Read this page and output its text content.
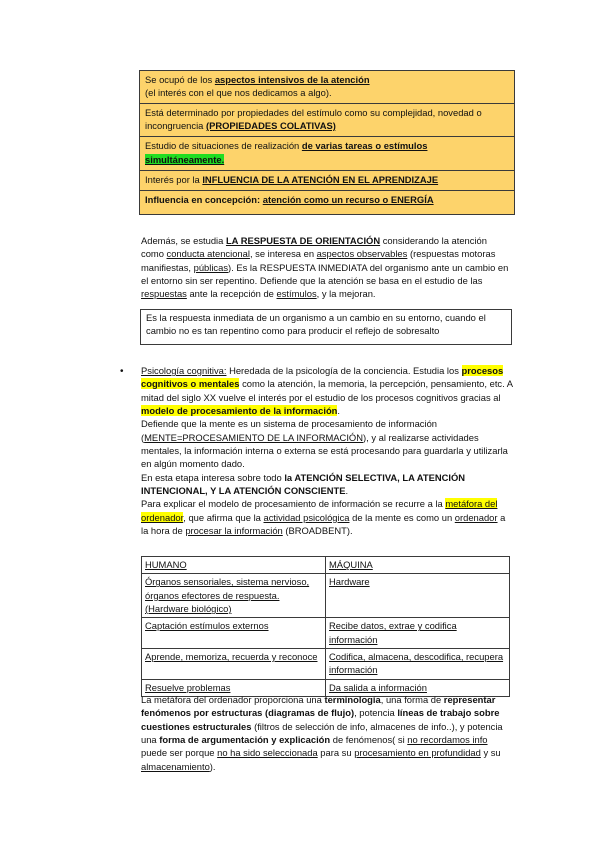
Se ocupó de los aspectos intensivos de la atención
(el interés con el que nos dedicamos a algo).
Está determinado por propiedades del estímulo como su complejidad, novedad o incongruencia (PROPIEDADES COLATIVAS)
Estudio de situaciones de realización de varias tareas o estímulos
simultáneamente.
Interés por la INFLUENCIA DE LA ATENCIÓN EN EL APRENDIZAJE
Influencia en concepción: atención como un recurso o ENERGÍA
Además, se estudia LA RESPUESTA DE ORIENTACIÓN considerando la atención como conducta atencional, se interesa en aspectos observables (respuestas motoras manifiestas, públicas). Es la RESPUESTA INMEDIATA del organismo ante un cambio en el entorno sin ser repentino. Defiende que la atención se basa en el estudio de las respuestas ante la recepción de estímulos, y la mejoran.
Es la respuesta inmediata de un organismo a un cambio en su entorno, cuando el cambio no es tan repentino como para producir el reflejo de sobresalto
• Psicología cognitiva: Heredada de la psicología de la conciencia. Estudia los procesos cognitivos o mentales como la atención, la memoria, la percepción, pensamiento, etc. A mitad del siglo XX vuelve el interés por el estudio de los procesos cognitivos gracias al modelo de procesamiento de la información.
Defiende que la mente es un sistema de procesamiento de información (MENTE=PROCESAMIENTO DE LA INFORMACIÓN), y al realizarse actividades mentales, la información interna o externa se está procesando para guardarla y utilizarla en algún momento dado.
En esta etapa interesa sobre todo la ATENCIÓN SELECTIVA, LA ATENCIÓN INTENCIONAL, Y LA ATENCIÓN CONSCIENTE.
Para explicar el modelo de procesamiento de información se recurre a la metáfora del ordenador, que afirma que la actividad psicológica de la mente es como un ordenador a la hora de procesar la información (BROADBENT).
HUMANO	MÁQUINA
Órganos sensoriales, sistema nervioso, órganos efectores de respuesta. (Hardware biológico)	Hardware
Captación estímulos externos	Recibe datos, extrae y codifica información
Aprende, memoriza, recuerda y reconoce	Codifica, almacena, descodifica, recupera información
Resuelve problemas	Da salida a información
La metáfora del ordenador proporciona una terminología, una forma de representar fenómenos por estructuras (diagramas de flujo), potencia líneas de trabajo sobre cuestiones estructurales (filtros de selección de info, almacenes de info..), y potencia una forma de argumentación y explicación de fenómenos( si no recordamos info puede ser porque no ha sido seleccionada para su procesamiento en profundidad y su almacenamiento).
